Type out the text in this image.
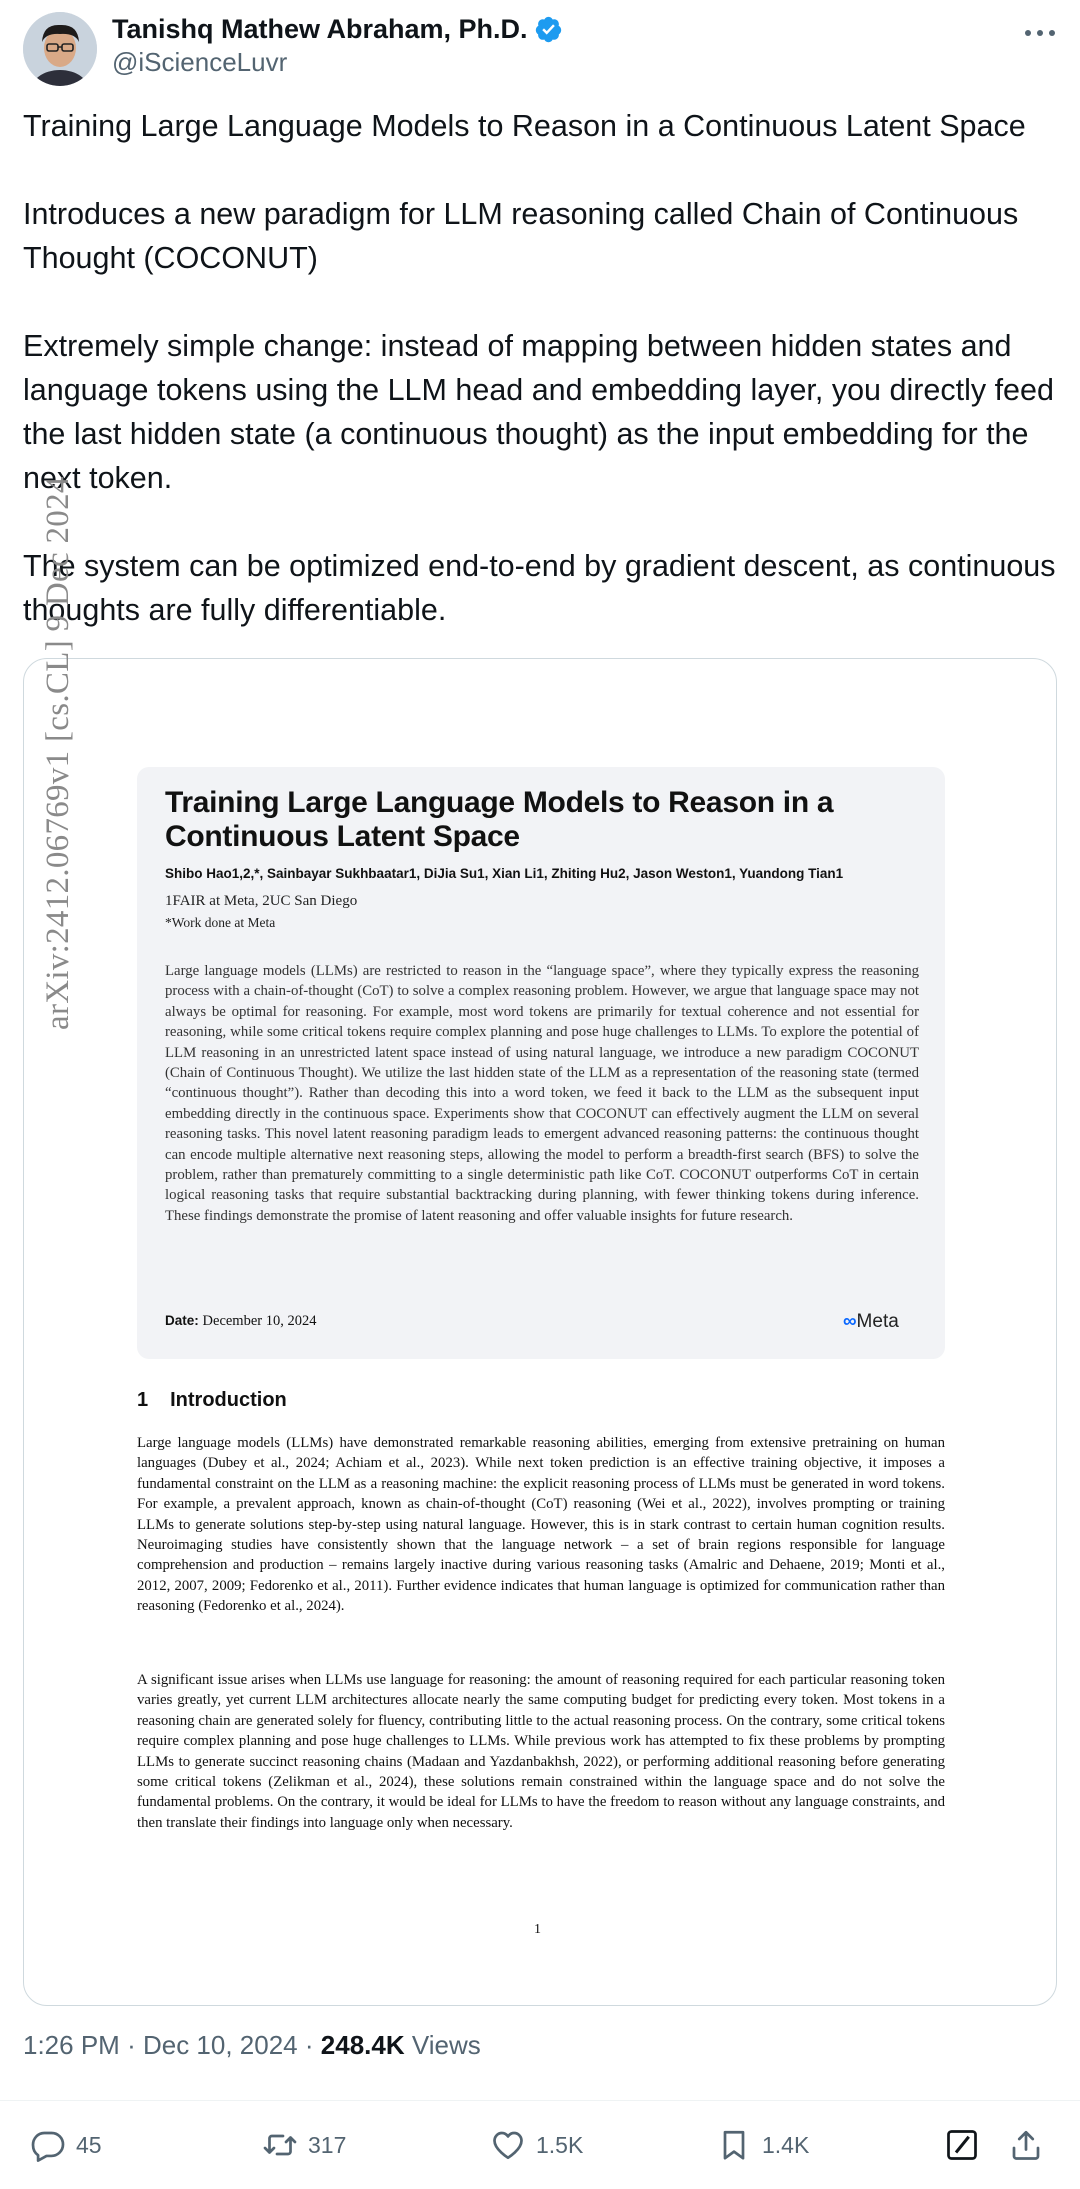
Tanishq Mathew Abraham, Ph.D.
@iScienceLuvr

Training Large Language Models to Reason in a Continuous Latent Space

Introduces a new paradigm for LLM reasoning called Chain of Continuous Thought (COCONUT)

Extremely simple change: instead of mapping between hidden states and language tokens using the LLM head and embedding layer, you directly feed the last hidden state (a continuous thought) as the input embedding for the next token.

The system can be optimized end-to-end by gradient descent, as continuous thoughts are fully differentiable.

arXiv:2412.06769v1 [cs.CL] 9 Dec 2024	Training Large Language Models to Reason in a Continuous Latent Space
Shibo Hao1,2,*, Sainbayar Sukhbaatar1, DiJia Su1, Xian Li1, Zhiting Hu2, Jason Weston1, Yuandong Tian1
1FAIR at Meta, 2UC San Diego
*Work done at Meta
Large language models (LLMs) are restricted to reason in the “language space”, where they typically express the reasoning process with a chain-of-thought (CoT) to solve a complex reasoning problem. However, we argue that language space may not always be optimal for reasoning. For example, most word tokens are primarily for textual coherence and not essential for reasoning, while some critical tokens require complex planning and pose huge challenges to LLMs. To explore the potential of LLM reasoning in an unrestricted latent space instead of using natural language, we introduce a new paradigm COCONUT (Chain of Continuous Thought). We utilize the last hidden state of the LLM as a representation of the reasoning state (termed “continuous thought”). Rather than decoding this into a word token, we feed it back to the LLM as the subsequent input embedding directly in the continuous space. Experiments show that COCONUT can effectively augment the LLM on several reasoning tasks. This novel latent reasoning paradigm leads to emergent advanced reasoning patterns: the continuous thought can encode multiple alternative next reasoning steps, allowing the model to perform a breadth-first search (BFS) to solve the problem, rather than prematurely committing to a single deterministic path like CoT. COCONUT outperforms CoT in certain logical reasoning tasks that require substantial backtracking during planning, with fewer thinking tokens during inference. These findings demonstrate the promise of latent reasoning and offer valuable insights for future research.
Date: December 10, 2024	∞Meta
1 Introduction
Large language models (LLMs) have demonstrated remarkable reasoning abilities, emerging from extensive pretraining on human languages (Dubey et al., 2024; Achiam et al., 2023). While next token prediction is an effective training objective, it imposes a fundamental constraint on the LLM as a reasoning machine: the explicit reasoning process of LLMs must be generated in word tokens. For example, a prevalent approach, known as chain-of-thought (CoT) reasoning (Wei et al., 2022), involves prompting or training LLMs to generate solutions step-by-step using natural language. However, this is in stark contrast to certain human cognition results. Neuroimaging studies have consistently shown that the language network – a set of brain regions responsible for language comprehension and production – remains largely inactive during various reasoning tasks (Amalric and Dehaene, 2019; Monti et al., 2012, 2007, 2009; Fedorenko et al., 2011). Further evidence indicates that human language is optimized for communication rather than reasoning (Fedorenko et al., 2024).
A significant issue arises when LLMs use language for reasoning: the amount of reasoning required for each particular reasoning token varies greatly, yet current LLM architectures allocate nearly the same computing budget for predicting every token. Most tokens in a reasoning chain are generated solely for fluency, contributing little to the actual reasoning process. On the contrary, some critical tokens require complex planning and pose huge challenges to LLMs. While previous work has attempted to fix these problems by prompting LLMs to generate succinct reasoning chains (Madaan and Yazdanbakhsh, 2022), or performing additional reasoning before generating some critical tokens (Zelikman et al., 2024), these solutions remain constrained within the language space and do not solve the fundamental problems. On the contrary, it would be ideal for LLMs to have the freedom to reason without any language constraints, and then translate their findings into language only when necessary.
1
1:26 PM · Dec 10, 2024 · 248.4K Views
45	317	1.5K	1.4K
